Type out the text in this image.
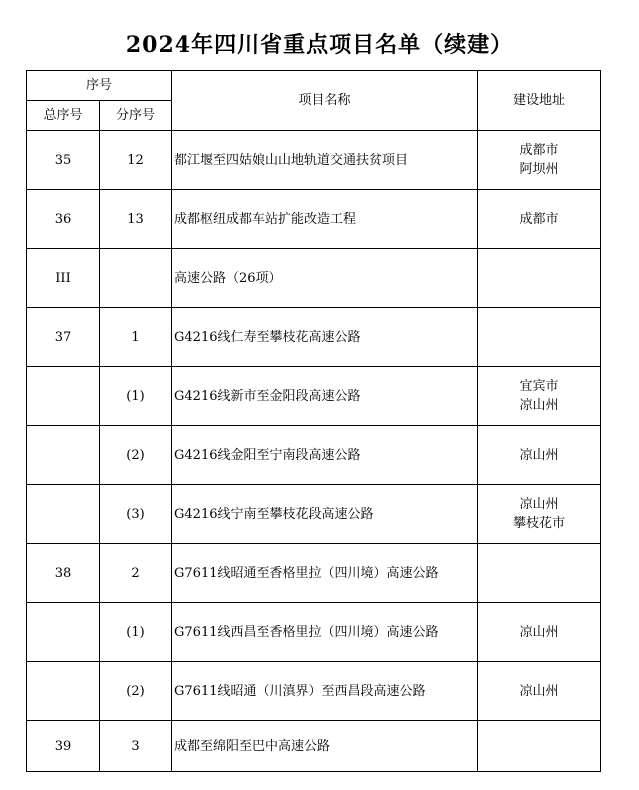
2024年四川省重点项目名单（续建）
序号		项目名称	建设地址
总序号	分序号		
35	12	都江堰至四姑娘山山地轨道交通扶贫项目	成都市
阿坝州

36	13	成都枢纽成都车站扩能改造工程	成都市

III		高速公路（26项）	

37	1	G4216线仁寿至攀枝花高速公路	

	(1)	G4216线新市至金阳段高速公路	宜宾市
凉山州

	(2)	G4216线金阳至宁南段高速公路	凉山州

	(3)	G4216线宁南至攀枝花段高速公路	凉山州
攀枝花市

38	2	G7611线昭通至香格里拉（四川境）高速公路	

	(1)	G7611线西昌至香格里拉（四川境）高速公路	凉山州

	(2)	G7611线昭通（川滇界）至西昌段高速公路	凉山州

39	3	成都至绵阳至巴中高速公路	
